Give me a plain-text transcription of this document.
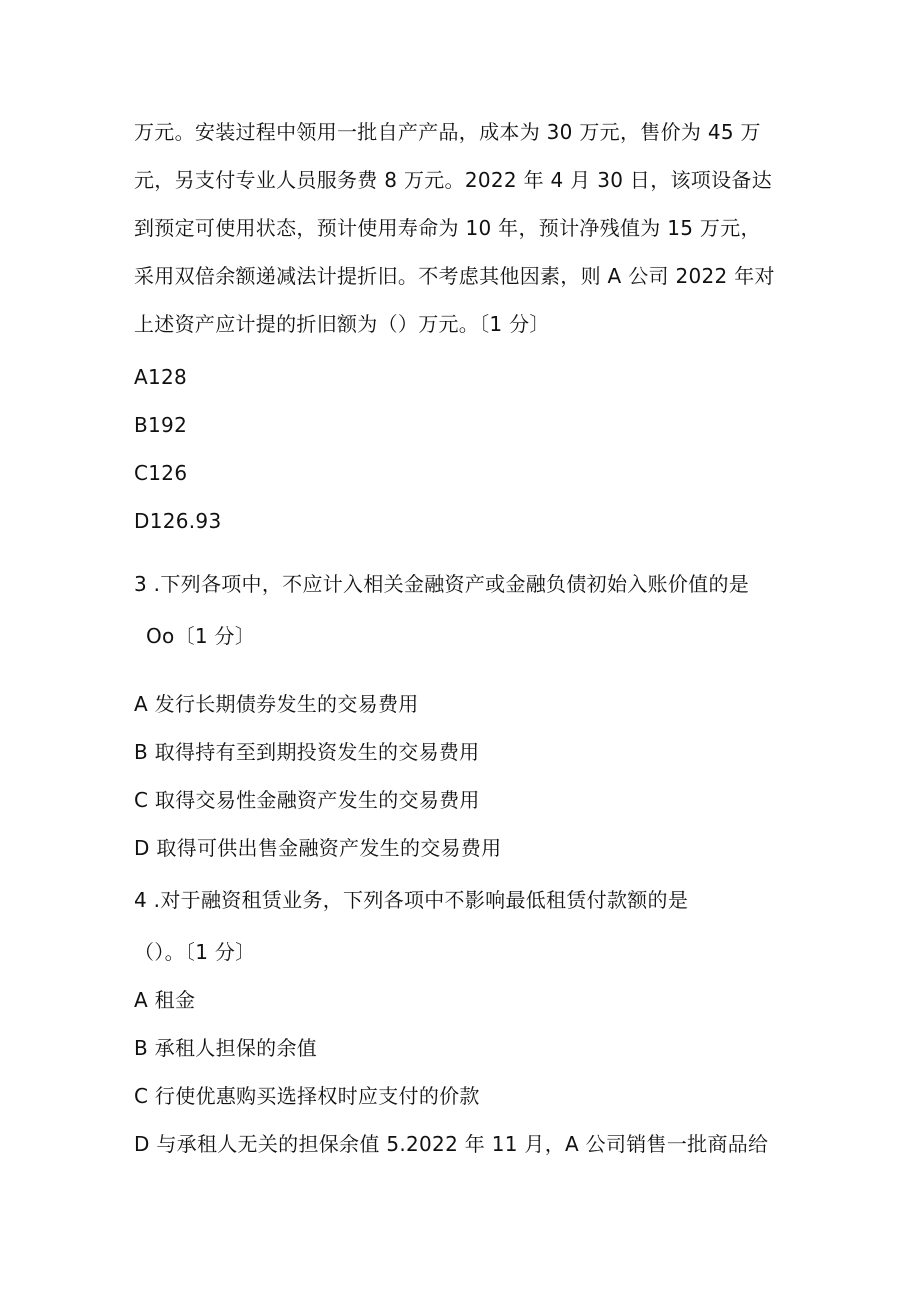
万元。安装过程中领用一批自产产品，成本为 30 万元，售价为 45 万
元，另支付专业人员服务费 8 万元。2022 年 4 月 30 日，该项设备达
到预定可使用状态，预计使用寿命为 10 年，预计净残值为 15 万元，
采用双倍余额递减法计提折旧。不考虑其他因素，则 A 公司 2022 年对
上述资产应计提的折旧额为（）万元。〔1 分〕
A128
B192
C126
D126.93
3 .下列各项中，不应计入相关金融资产或金融负债初始入账价值的是
Oo〔1 分〕
A 发行长期债券发生的交易费用
B 取得持有至到期投资发生的交易费用
C 取得交易性金融资产发生的交易费用
D 取得可供出售金融资产发生的交易费用
4 .对于融资租赁业务，下列各项中不影响最低租赁付款额的是
（）。〔1 分〕
A 租金
B 承租人担保的余值
C 行使优惠购买选择权时应支付的价款
D 与承租人无关的担保余值 5.2022 年 11 月，A 公司销售一批商品给
